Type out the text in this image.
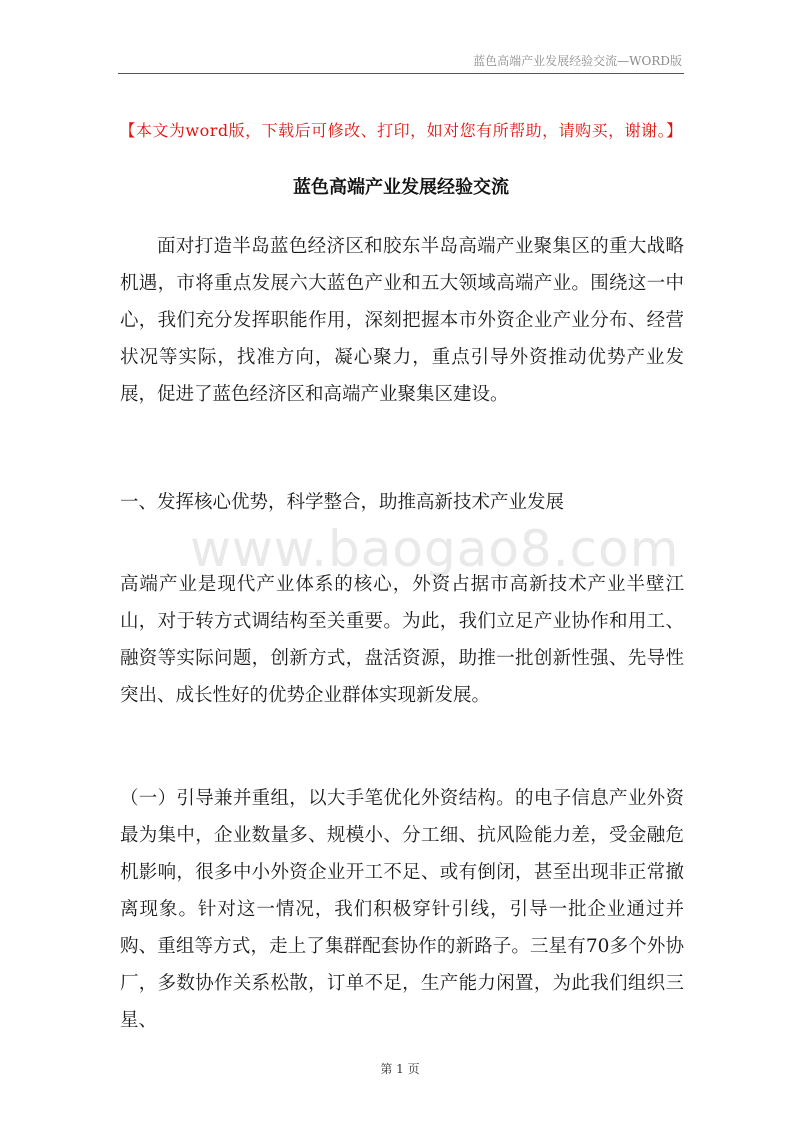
蓝色高端产业发展经验交流—WORD版
www.baogao8.com
【本文为word版，下载后可修改、打印，如对您有所帮助，请购买，谢谢。】
蓝色高端产业发展经验交流
面对打造半岛蓝色经济区和胶东半岛高端产业聚集区的重大战略机遇，市将重点发展六大蓝色产业和五大领域高端产业。围绕这一中心，我们充分发挥职能作用，深刻把握本市外资企业产业分布、经营状况等实际，找准方向，凝心聚力，重点引导外资推动优势产业发展，促进了蓝色经济区和高端产业聚集区建设。
一、发挥核心优势，科学整合，助推高新技术产业发展
高端产业是现代产业体系的核心，外资占据市高新技术产业半壁江山，对于转方式调结构至关重要。为此，我们立足产业协作和用工、融资等实际问题，创新方式，盘活资源，助推一批创新性强、先导性突出、成长性好的优势企业群体实现新发展。
（一）引导兼并重组，以大手笔优化外资结构。的电子信息产业外资最为集中，企业数量多、规模小、分工细、抗风险能力差，受金融危机影响，很多中小外资企业开工不足、或有倒闭，甚至出现非正常撤离现象。针对这一情况，我们积极穿针引线，引导一批企业通过并购、重组等方式，走上了集群配套协作的新路子。三星有70多个外协厂，多数协作关系松散，订单不足，生产能力闲置，为此我们组织三星、
第 1 页
